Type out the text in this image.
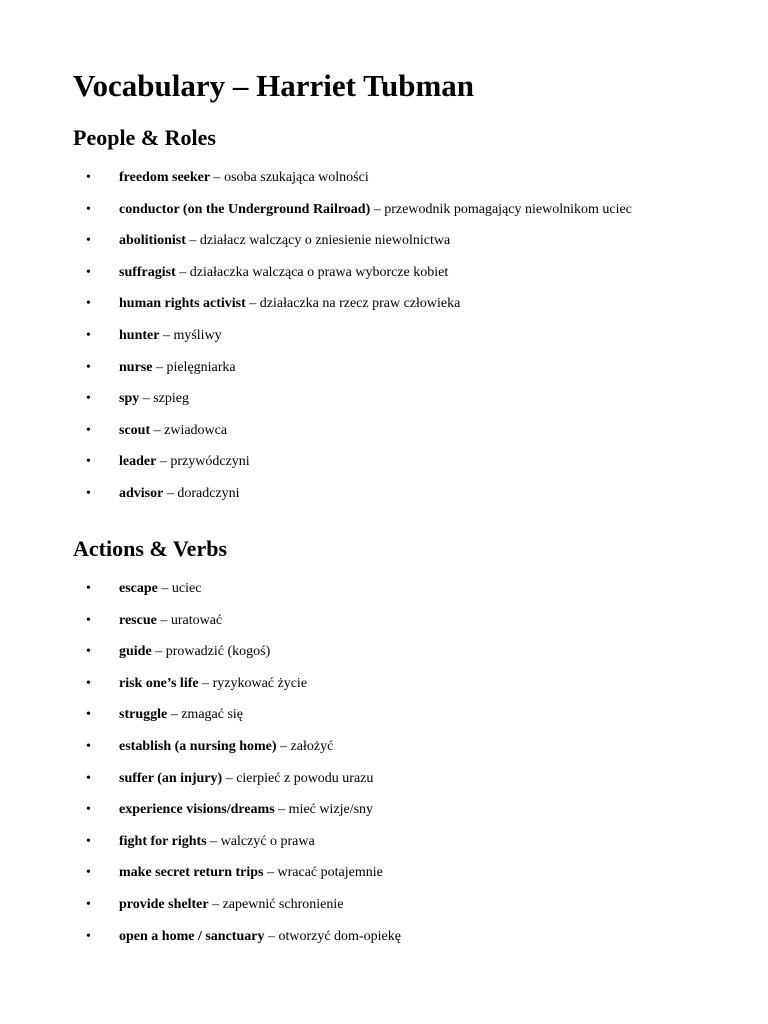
Vocabulary – Harriet Tubman
People & Roles
• freedom seeker – osoba szukająca wolności
• conductor (on the Underground Railroad) – przewodnik pomagający niewolnikom uciec
• abolitionist – działacz walczący o zniesienie niewolnictwa
• suffragist – działaczka walcząca o prawa wyborcze kobiet
• human rights activist – działaczka na rzecz praw człowieka
• hunter – myśliwy
• nurse – pielęgniarka
• spy – szpieg
• scout – zwiadowca
• leader – przywódczyni
• advisor – doradczyni
Actions & Verbs
• escape – uciec
• rescue – uratować
• guide – prowadzić (kogoś)
• risk one’s life – ryzykować życie
• struggle – zmagać się
• establish (a nursing home) – założyć
• suffer (an injury) – cierpieć z powodu urazu
• experience visions/dreams – mieć wizje/sny
• fight for rights – walczyć o prawa
• make secret return trips – wracać potajemnie
• provide shelter – zapewnić schronienie
• open a home / sanctuary – otworzyć dom-opiekę
